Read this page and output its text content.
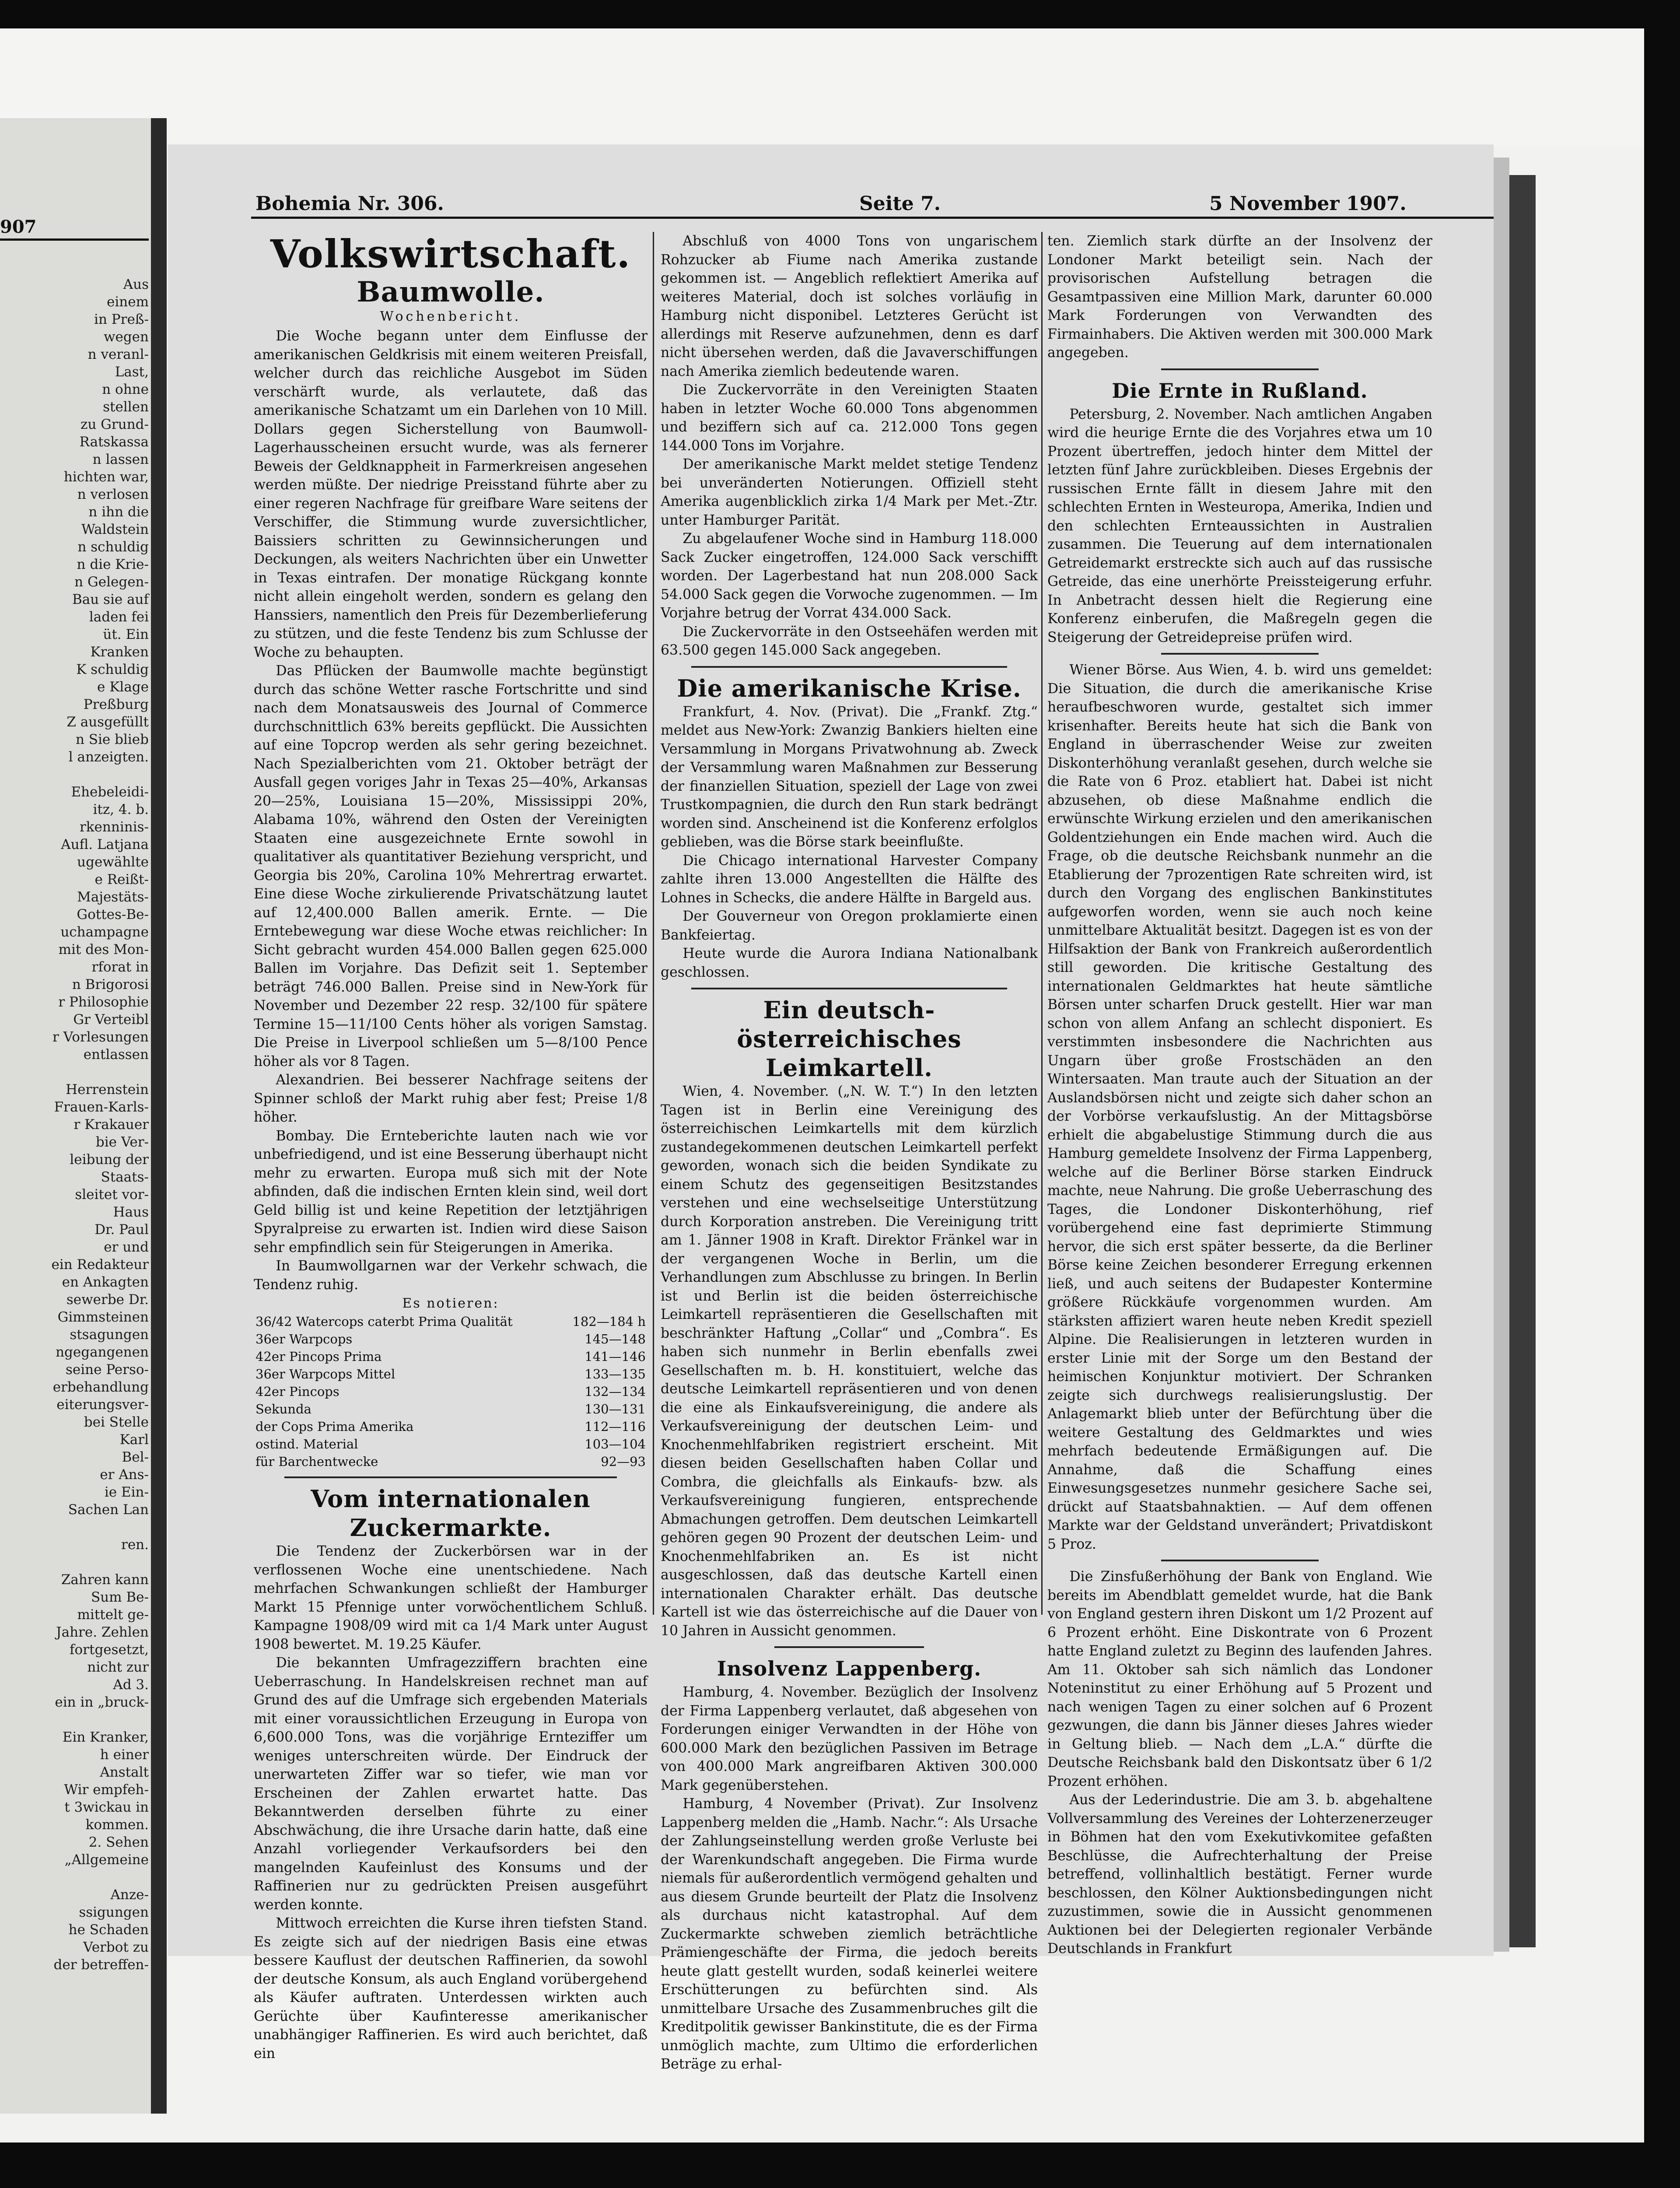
907
Aus
einem
in Preß-
wegen
n veranl-
Last,
n ohne
stellen
zu Grund-
Ratskassa
n lassen
hichten war,
n verlosen
n ihn die
Waldstein
n schuldig
n die Krie-
n Gelegen-
Bau sie auf
laden fei
üt. Ein
Kranken
K schuldig
e Klage
Preßburg
Z ausgefüllt
n Sie blieb
l anzeigten.

Ehebeleidi-
itz, 4. b.
rkenninis-
Aufl. Latjana
ugewählte
e Reißt-
Majestäts-
Gottes-Be-
uchampagne
mit des Mon-
rforat in
n Brigorosi
r Philosophie
Gr Verteibl
r Vorlesungen
entlassen

Herrenstein
Frauen-Karls-
r Krakauer
bie Ver-
leibung der
Staats-
sleitet vor-
Haus
Dr. Paul
er und
ein Redakteur
en Ankagten
sewerbe Dr.
Gimmsteinen
stsagungen
ngegangenen
seine Perso-
erbehandlung
eiterungsver-
bei Stelle
Karl
Bel-
er Ans-
ie Ein-
Sachen Lan

ren.

Zahren kann
Sum Be-
mittelt ge-
Jahre. Zehlen
fortgesetzt,
nicht zur
Ad 3.
ein in „bruck-

Ein Kranker,
h einer
Anstalt
Wir empfeh-
t 3wickau in
kommen.
2. Sehen
„Allgemeine

Anze-
ssigungen
he Schaden
Verbot zu
der betreffen-
Bohemia Nr. 306.	Seite 7.	5 November 1907.
Volkswirtschaft.
Baumwolle.
Wochenbericht.

Die Woche begann unter dem Einflusse der amerikanischen Geldkrisis mit einem weiteren Preisfall, welcher durch das reichliche Ausgebot im Süden verschärft wurde, als verlautete, daß das amerikanische Schatzamt um ein Darlehen von 10 Mill. Dollars gegen Sicherstellung von Baumwoll-Lagerhausscheinen ersucht wurde, was als fernerer Beweis der Geldknappheit in Farmerkreisen angesehen werden müßte. Der niedrige Preisstand führte aber zu einer regeren Nachfrage für greifbare Ware seitens der Verschiffer, die Stimmung wurde zuversichtlicher, Baissiers schritten zu Gewinnsicherungen und Deckungen, als weiters Nachrichten über ein Unwetter in Texas eintrafen. Der monatige Rückgang konnte nicht allein eingeholt werden, sondern es gelang den Hanssiers, namentlich den Preis für Dezemberlieferung zu stützen, und die feste Tendenz bis zum Schlusse der Woche zu behaupten.

Das Pflücken der Baumwolle machte begünstigt durch das schöne Wetter rasche Fortschritte und sind nach dem Monatsausweis des Journal of Commerce durchschnittlich 63% bereits gepflückt. Die Aussichten auf eine Topcrop werden als sehr gering bezeichnet. Nach Spezialberichten vom 21. Oktober beträgt der Ausfall gegen voriges Jahr in Texas 25—40%, Arkansas 20—25%, Louisiana 15—20%, Mississippi 20%, Alabama 10%, während den Osten der Vereinigten Staaten eine ausgezeichnete Ernte sowohl in qualitativer als quantitativer Beziehung verspricht, und Georgia bis 20%, Carolina 10% Mehrertrag erwartet. Eine diese Woche zirkulierende Privatschätzung lautet auf 12,400.000 Ballen amerik. Ernte. — Die Erntebewegung war diese Woche etwas reichlicher: In Sicht gebracht wurden 454.000 Ballen gegen 625.000 Ballen im Vorjahre. Das Defizit seit 1. September beträgt 746.000 Ballen. Preise sind in New-York für November und Dezember 22 resp. 32/100 für spätere Termine 15—11/100 Cents höher als vorigen Samstag. Die Preise in Liverpool schließen um 5—8/100 Pence höher als vor 8 Tagen.

Alexandrien. Bei besserer Nachfrage seitens der Spinner schloß der Markt ruhig aber fest; Preise 1/8 höher.

Bombay. Die Ernteberichte lauten nach wie vor unbefriedigend, und ist eine Besserung überhaupt nicht mehr zu erwarten. Europa muß sich mit der Note abfinden, daß die indischen Ernten klein sind, weil dort Geld billig ist und keine Repetition der letztjährigen Spyralpreise zu erwarten ist. Indien wird diese Saison sehr empfindlich sein für Steigerungen in Amerika.

In Baumwollgarnen war der Verkehr schwach, die Tendenz ruhig.

Es notieren:
36/42 Watercops caterbt Prima Qualität	182—184 h
36er Warpcops	145—148
42er Pincops Prima	141—146
36er Warpcops Mittel	133—135
42er Pincops	132—134
Sekunda	130—131
der Cops Prima Amerika	112—116
ostind. Material	103—104
für Barchentwecke	92—93
Vom internationalen Zuckermarkte.

Die Tendenz der Zuckerbörsen war in der verflossenen Woche eine unentschiedene. Nach mehrfachen Schwankungen schließt der Hamburger Markt 15 Pfennige unter vorwöchentlichem Schluß. Kampagne 1908/09 wird mit ca 1/4 Mark unter August 1908 bewertet. M. 19.25 Käufer.

Die bekannten Umfragezziffern brachten eine Ueberraschung. In Handelskreisen rechnet man auf Grund des auf die Umfrage sich ergebenden Materials mit einer voraussichtlichen Erzeugung in Europa von 6,600.000 Tons, was die vorjährige Ernteziffer um weniges unterschreiten würde. Der Eindruck der unerwarteten Ziffer war so tiefer, wie man vor Erscheinen der Zahlen erwartet hatte. Das Bekanntwerden derselben führte zu einer Abschwächung, die ihre Ursache darin hatte, daß eine Anzahl vorliegender Verkaufsorders bei den mangelnden Kaufeinlust des Konsums und der Raffinerien nur zu gedrückten Preisen ausgeführt werden konnte.

Mittwoch erreichten die Kurse ihren tiefsten Stand. Es zeigte sich auf der niedrigen Basis eine etwas bessere Kauflust der deutschen Raffinerien, da sowohl der deutsche Konsum, als auch England vorübergehend als Käufer auftraten. Unterdessen wirkten auch Gerüchte über Kaufinteresse amerikanischer unabhängiger Raffinerien. Es wird auch berichtet, daß ein

Abschluß von 4000 Tons von ungarischem Rohzucker ab Fiume nach Amerika zustande gekommen ist. — Angeblich reflektiert Amerika auf weiteres Material, doch ist solches vorläufig in Hamburg nicht disponibel. Letzteres Gerücht ist allerdings mit Reserve aufzunehmen, denn es darf nicht übersehen werden, daß die Javaverschiffungen nach Amerika ziemlich bedeutende waren.

Die Zuckervorräte in den Vereinigten Staaten haben in letzter Woche 60.000 Tons abgenommen und beziffern sich auf ca. 212.000 Tons gegen 144.000 Tons im Vorjahre.

Der amerikanische Markt meldet stetige Tendenz bei unveränderten Notierungen. Offiziell steht Amerika augenblicklich zirka 1/4 Mark per Met.-Ztr. unter Hamburger Parität.

Zu abgelaufener Woche sind in Hamburg 118.000 Sack Zucker eingetroffen, 124.000 Sack verschifft worden. Der Lagerbestand hat nun 208.000 Sack 54.000 Sack gegen die Vorwoche zugenommen. — Im Vorjahre betrug der Vorrat 434.000 Sack.

Die Zuckervorräte in den Ostseehäfen werden mit 63.500 gegen 145.000 Sack angegeben.

Die amerikanische Krise.

Frankfurt, 4. Nov. (Privat). Die „Frankf. Ztg.“ meldet aus New-York: Zwanzig Bankiers hielten eine Versammlung in Morgans Privatwohnung ab. Zweck der Versammlung waren Maßnahmen zur Besserung der finanziellen Situation, speziell der Lage von zwei Trustkompagnien, die durch den Run stark bedrängt worden sind. Anscheinend ist die Konferenz erfolglos geblieben, was die Börse stark beeinflußte.

Die Chicago international Harvester Company zahlte ihren 13.000 Angestellten die Hälfte des Lohnes in Schecks, die andere Hälfte in Bargeld aus.

Der Gouverneur von Oregon proklamierte einen Bankfeiertag.

Heute wurde die Aurora Indiana Nationalbank geschlossen.

Ein deutsch-österreichisches
Leimkartell.

Wien, 4. November. („N. W. T.“) In den letzten Tagen ist in Berlin eine Vereinigung des österreichischen Leimkartells mit dem kürzlich zustandegekommenen deutschen Leimkartell perfekt geworden, wonach sich die beiden Syndikate zu einem Schutz des gegenseitigen Besitzstandes verstehen und eine wechselseitige Unterstützung durch Korporation anstreben. Die Vereinigung tritt am 1. Jänner 1908 in Kraft. Direktor Fränkel war in der vergangenen Woche in Berlin, um die Verhandlungen zum Abschlusse zu bringen. In Berlin ist und Berlin ist die beiden österreichische Leimkartell repräsentieren die Gesellschaften mit beschränkter Haftung „Collar“ und „Combra“. Es haben sich nunmehr in Berlin ebenfalls zwei Gesellschaften m. b. H. konstituiert, welche das deutsche Leimkartell repräsentieren und von denen die eine als Einkaufsvereinigung, die andere als Verkaufsvereinigung der deutschen Leim- und Knochenmehlfabriken registriert erscheint. Mit diesen beiden Gesellschaften haben Collar und Combra, die gleichfalls als Einkaufs- bzw. als Verkaufsvereinigung fungieren, entsprechende Abmachungen getroffen. Dem deutschen Leimkartell gehören gegen 90 Prozent der deutschen Leim- und Knochenmehlfabriken an. Es ist nicht ausgeschlossen, daß das deutsche Kartell einen internationalen Charakter erhält. Das deutsche Kartell ist wie das österreichische auf die Dauer von 10 Jahren in Aussicht genommen.

Insolvenz Lappenberg.

Hamburg, 4. November. Bezüglich der Insolvenz der Firma Lappenberg verlautet, daß abgesehen von Forderungen einiger Verwandten in der Höhe von 600.000 Mark den bezüglichen Passiven im Betrage von 400.000 Mark angreifbaren Aktiven 300.000 Mark gegenüberstehen.

Hamburg, 4 November (Privat). Zur Insolvenz Lappenberg melden die „Hamb. Nachr.“: Als Ursache der Zahlungseinstellung werden große Verluste bei der Warenkundschaft angegeben. Die Firma wurde niemals für außerordentlich vermögend gehalten und aus diesem Grunde beurteilt der Platz die Insolvenz als durchaus nicht katastrophal. Auf dem Zuckermarkte schweben ziemlich beträchtliche Prämiengeschäfte der Firma, die jedoch bereits heute glatt gestellt wurden, sodaß keinerlei weitere Erschütterungen zu befürchten sind. Als unmittelbare Ursache des Zusammenbruches gilt die Kreditpolitik gewisser Bankinstitute, die es der Firma unmöglich machte, zum Ultimo die erforderlichen Beträge zu erhal-

ten. Ziemlich stark dürfte an der Insolvenz der Londoner Markt beteiligt sein. Nach der provisorischen Aufstellung betragen die Gesamtpassiven eine Million Mark, darunter 60.000 Mark Forderungen von Verwandten des Firmainhabers. Die Aktiven werden mit 300.000 Mark angegeben.

Die Ernte in Rußland.

Petersburg, 2. November. Nach amtlichen Angaben wird die heurige Ernte die des Vorjahres etwa um 10 Prozent übertreffen, jedoch hinter dem Mittel der letzten fünf Jahre zurückbleiben. Dieses Ergebnis der russischen Ernte fällt in diesem Jahre mit den schlechten Ernten in Westeuropa, Amerika, Indien und den schlechten Ernteaussichten in Australien zusammen. Die Teuerung auf dem internationalen Getreidemarkt erstreckte sich auch auf das russische Getreide, das eine unerhörte Preissteigerung erfuhr. In Anbetracht dessen hielt die Regierung eine Konferenz einberufen, die Maßregeln gegen die Steigerung der Getreidepreise prüfen wird.

Wiener Börse. Aus Wien, 4. b. wird uns gemeldet: Die Situation, die durch die amerikanische Krise heraufbeschworen wurde, gestaltet sich immer krisenhafter. Bereits heute hat sich die Bank von England in überraschender Weise zur zweiten Diskonterhöhung veranlaßt gesehen, durch welche sie die Rate von 6 Proz. etabliert hat. Dabei ist nicht abzusehen, ob diese Maßnahme endlich die erwünschte Wirkung erzielen und den amerikanischen Goldentziehungen ein Ende machen wird. Auch die Frage, ob die deutsche Reichsbank nunmehr an die Etablierung der 7prozentigen Rate schreiten wird, ist durch den Vorgang des englischen Bankinstitutes aufgeworfen worden, wenn sie auch noch keine unmittelbare Aktualität besitzt. Dagegen ist es von der Hilfsaktion der Bank von Frankreich außerordentlich still geworden. Die kritische Gestaltung des internationalen Geldmarktes hat heute sämtliche Börsen unter scharfen Druck gestellt. Hier war man schon von allem Anfang an schlecht disponiert. Es verstimmten insbesondere die Nachrichten aus Ungarn über große Frostschäden an den Wintersaaten. Man traute auch der Situation an der Auslandsbörsen nicht und zeigte sich daher schon an der Vorbörse verkaufslustig. An der Mittagsbörse erhielt die abgabelustige Stimmung durch die aus Hamburg gemeldete Insolvenz der Firma Lappenberg, welche auf die Berliner Börse starken Eindruck machte, neue Nahrung. Die große Ueberraschung des Tages, die Londoner Diskonterhöhung, rief vorübergehend eine fast deprimierte Stimmung hervor, die sich erst später besserte, da die Berliner Börse keine Zeichen besonderer Erregung erkennen ließ, und auch seitens der Budapester Kontermine größere Rückkäufe vorgenommen wurden. Am stärksten affiziert waren heute neben Kredit speziell Alpine. Die Realisierungen in letzteren wurden in erster Linie mit der Sorge um den Bestand der heimischen Konjunktur motiviert. Der Schranken zeigte sich durchwegs realisierungslustig. Der Anlagemarkt blieb unter der Befürchtung über die weitere Gestaltung des Geldmarktes und wies mehrfach bedeutende Ermäßigungen auf. Die Annahme, daß die Schaffung eines Einwesungsgesetzes nunmehr gesichere Sache sei, drückt auf Staatsbahnaktien. — Auf dem offenen Markte war der Geldstand unverändert; Privatdiskont 5 Proz.

Die Zinsfußerhöhung der Bank von England. Wie bereits im Abendblatt gemeldet wurde, hat die Bank von England gestern ihren Diskont um 1/2 Prozent auf 6 Prozent erhöht. Eine Diskontrate von 6 Prozent hatte England zuletzt zu Beginn des laufenden Jahres. Am 11. Oktober sah sich nämlich das Londoner Noteninstitut zu einer Erhöhung auf 5 Prozent und nach wenigen Tagen zu einer solchen auf 6 Prozent gezwungen, die dann bis Jänner dieses Jahres wieder in Geltung blieb. — Nach dem „L.A.“ dürfte die Deutsche Reichsbank bald den Diskontsatz über 6 1/2 Prozent erhöhen.

Aus der Lederindustrie. Die am 3. b. abgehaltene Vollversammlung des Vereines der Lohterzenerzeuger in Böhmen hat den vom Exekutivkomitee gefaßten Beschlüsse, die Aufrechterhaltung der Preise betreffend, vollinhaltlich bestätigt. Ferner wurde beschlossen, den Kölner Auktionsbedingungen nicht zuzustimmen, sowie die in Aussicht genommenen Auktionen bei der Delegierten regionaler Verbände Deutschlands in Frankfurt
